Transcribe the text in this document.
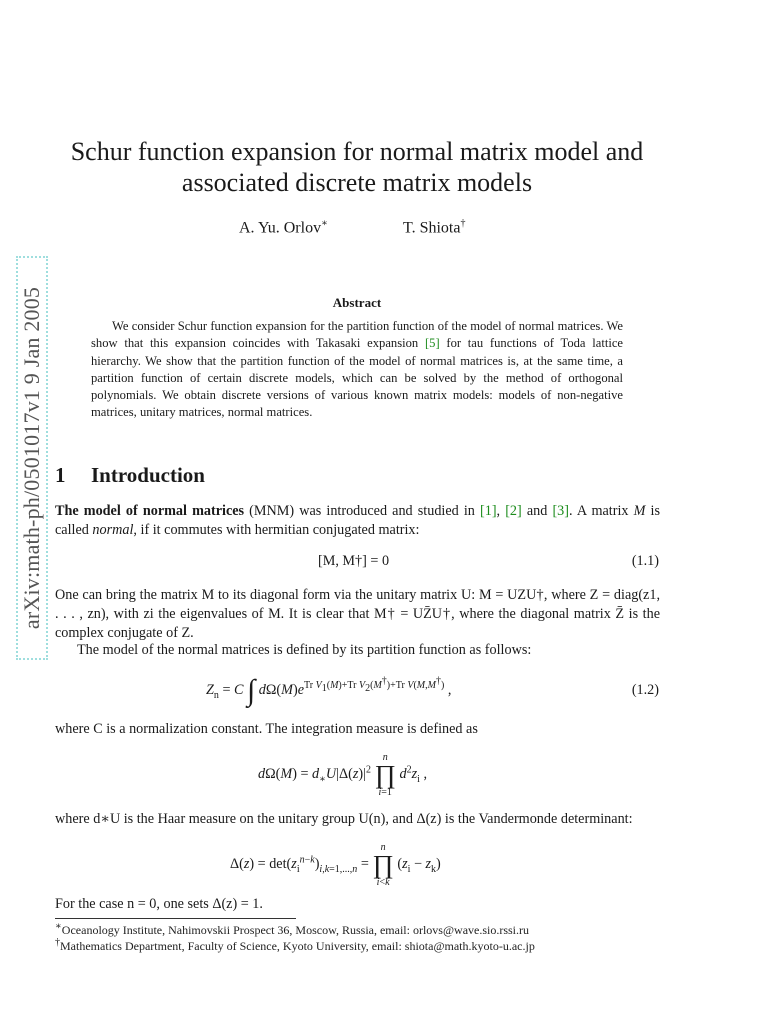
arXiv:math-ph/0501017v1 9 Jan 2005
Schur function expansion for normal matrix model and
associated discrete matrix models
A. Yu. Orlov∗	T. Shiota†
Abstract
We consider Schur function expansion for the partition function of the model of normal matrices. We show that this expansion coincides with Takasaki expansion [5] for tau functions of Toda lattice hierarchy. We show that the partition function of the model of normal matrices is, at the same time, a partition function of certain discrete models, which can be solved by the method of orthogonal polynomials. We obtain discrete versions of various known matrix models: models of non-negative matrices, unitary matrices, normal matrices.
1 Introduction
The model of normal matrices (MNM) was introduced and studied in [1], [2] and [3]. A matrix M is called normal, if it commutes with hermitian conjugated matrix:
[M, M†] = 0	(1.1)
One can bring the matrix M to its diagonal form via the unitary matrix U: M = UZU†, where Z = diag(z1, . . . , zn), with zi the eigenvalues of M. It is clear that M† = UZ̄U†, where the diagonal matrix Z̄ is the complex conjugate of Z.
The model of the normal matrices is defined by its partition function as follows:
$Z_n = C$ ∫ $d\Omega(M)e^{Tr V_1(M)+Tr V_2(M^\dagger)+Tr V(M,M^\dagger)}$ ,	(1.2)
where C is a normalization constant. The integration measure is defined as
$d\Omega(M) = d_∗U|\Delta(z)|^2$
n
∏
i=1
$d^2z_i$ ,
where d∗U is the Haar measure on the unitary group U(n), and Δ(z) is the Vandermonde determinant:
$\Delta(z) = \det(z_i^{n-k})_{i,k=1,...,n}$ =
n
∏
i<k
$(z_i - z_k)$
For the case n = 0, one sets Δ(z) = 1.
∗Oceanology Institute, Nahimovskii Prospect 36, Moscow, Russia, email: orlovs@wave.sio.rssi.ru
†Mathematics Department, Faculty of Science, Kyoto University, email: shiota@math.kyoto-u.ac.jp
